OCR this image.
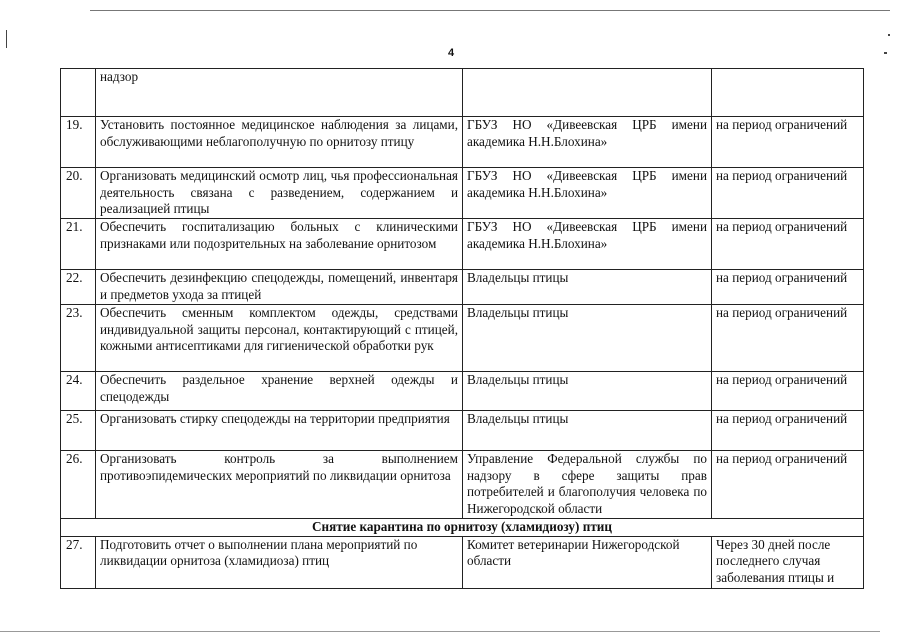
4
	надзор		
19.	Установить постоянное медицинское наблюдения за лицами, обслуживающими неблагополучную по орнитозу птицу	ГБУЗ НО «Дивеевская ЦРБ имени академика Н.Н.Блохина»	на период ограничений
20.	Организовать медицинский осмотр лиц, чья профессиональная деятельность связана с разведением, содержанием и реализацией птицы	ГБУЗ НО «Дивеевская ЦРБ имени академика Н.Н.Блохина»	на период ограничений
21.	Обеспечить госпитализацию больных с клиническими признаками или подозрительных на заболевание орнитозом	ГБУЗ НО «Дивеевская ЦРБ имени академика Н.Н.Блохина»	на период ограничений
22.	Обеспечить дезинфекцию спецодежды, помещений, инвентаря и предметов ухода за птицей	Владельцы птицы	на период ограничений
23.	Обеспечить сменным комплектом одежды, средствами индивидуальной защиты персонал, контактирующий с птицей, кожными антисептиками для гигиенической обработки рук	Владельцы птицы	на период ограничений
24.	Обеспечить раздельное хранение верхней одежды и спецодежды	Владельцы птицы	на период ограничений
25.	Организовать стирку спецодежды на территории предприятия	Владельцы птицы	на период ограничений
26.	Организовать контроль за выполнением противоэпидемических мероприятий по ликвидации орнитоза	Управление Федеральной службы по надзору в сфере защиты прав потребителей и благополучия человека по Нижегородской области	на период ограничений
Снятие карантина по орнитозу (хламидиозу) птиц			
27.	Подготовить отчет о выполнении плана мероприятий по ликвидации орнитоза (хламидиоза) птиц	Комитет ветеринарии Нижегородской области	Через 30 дней после последнего случая заболевания птицы и
